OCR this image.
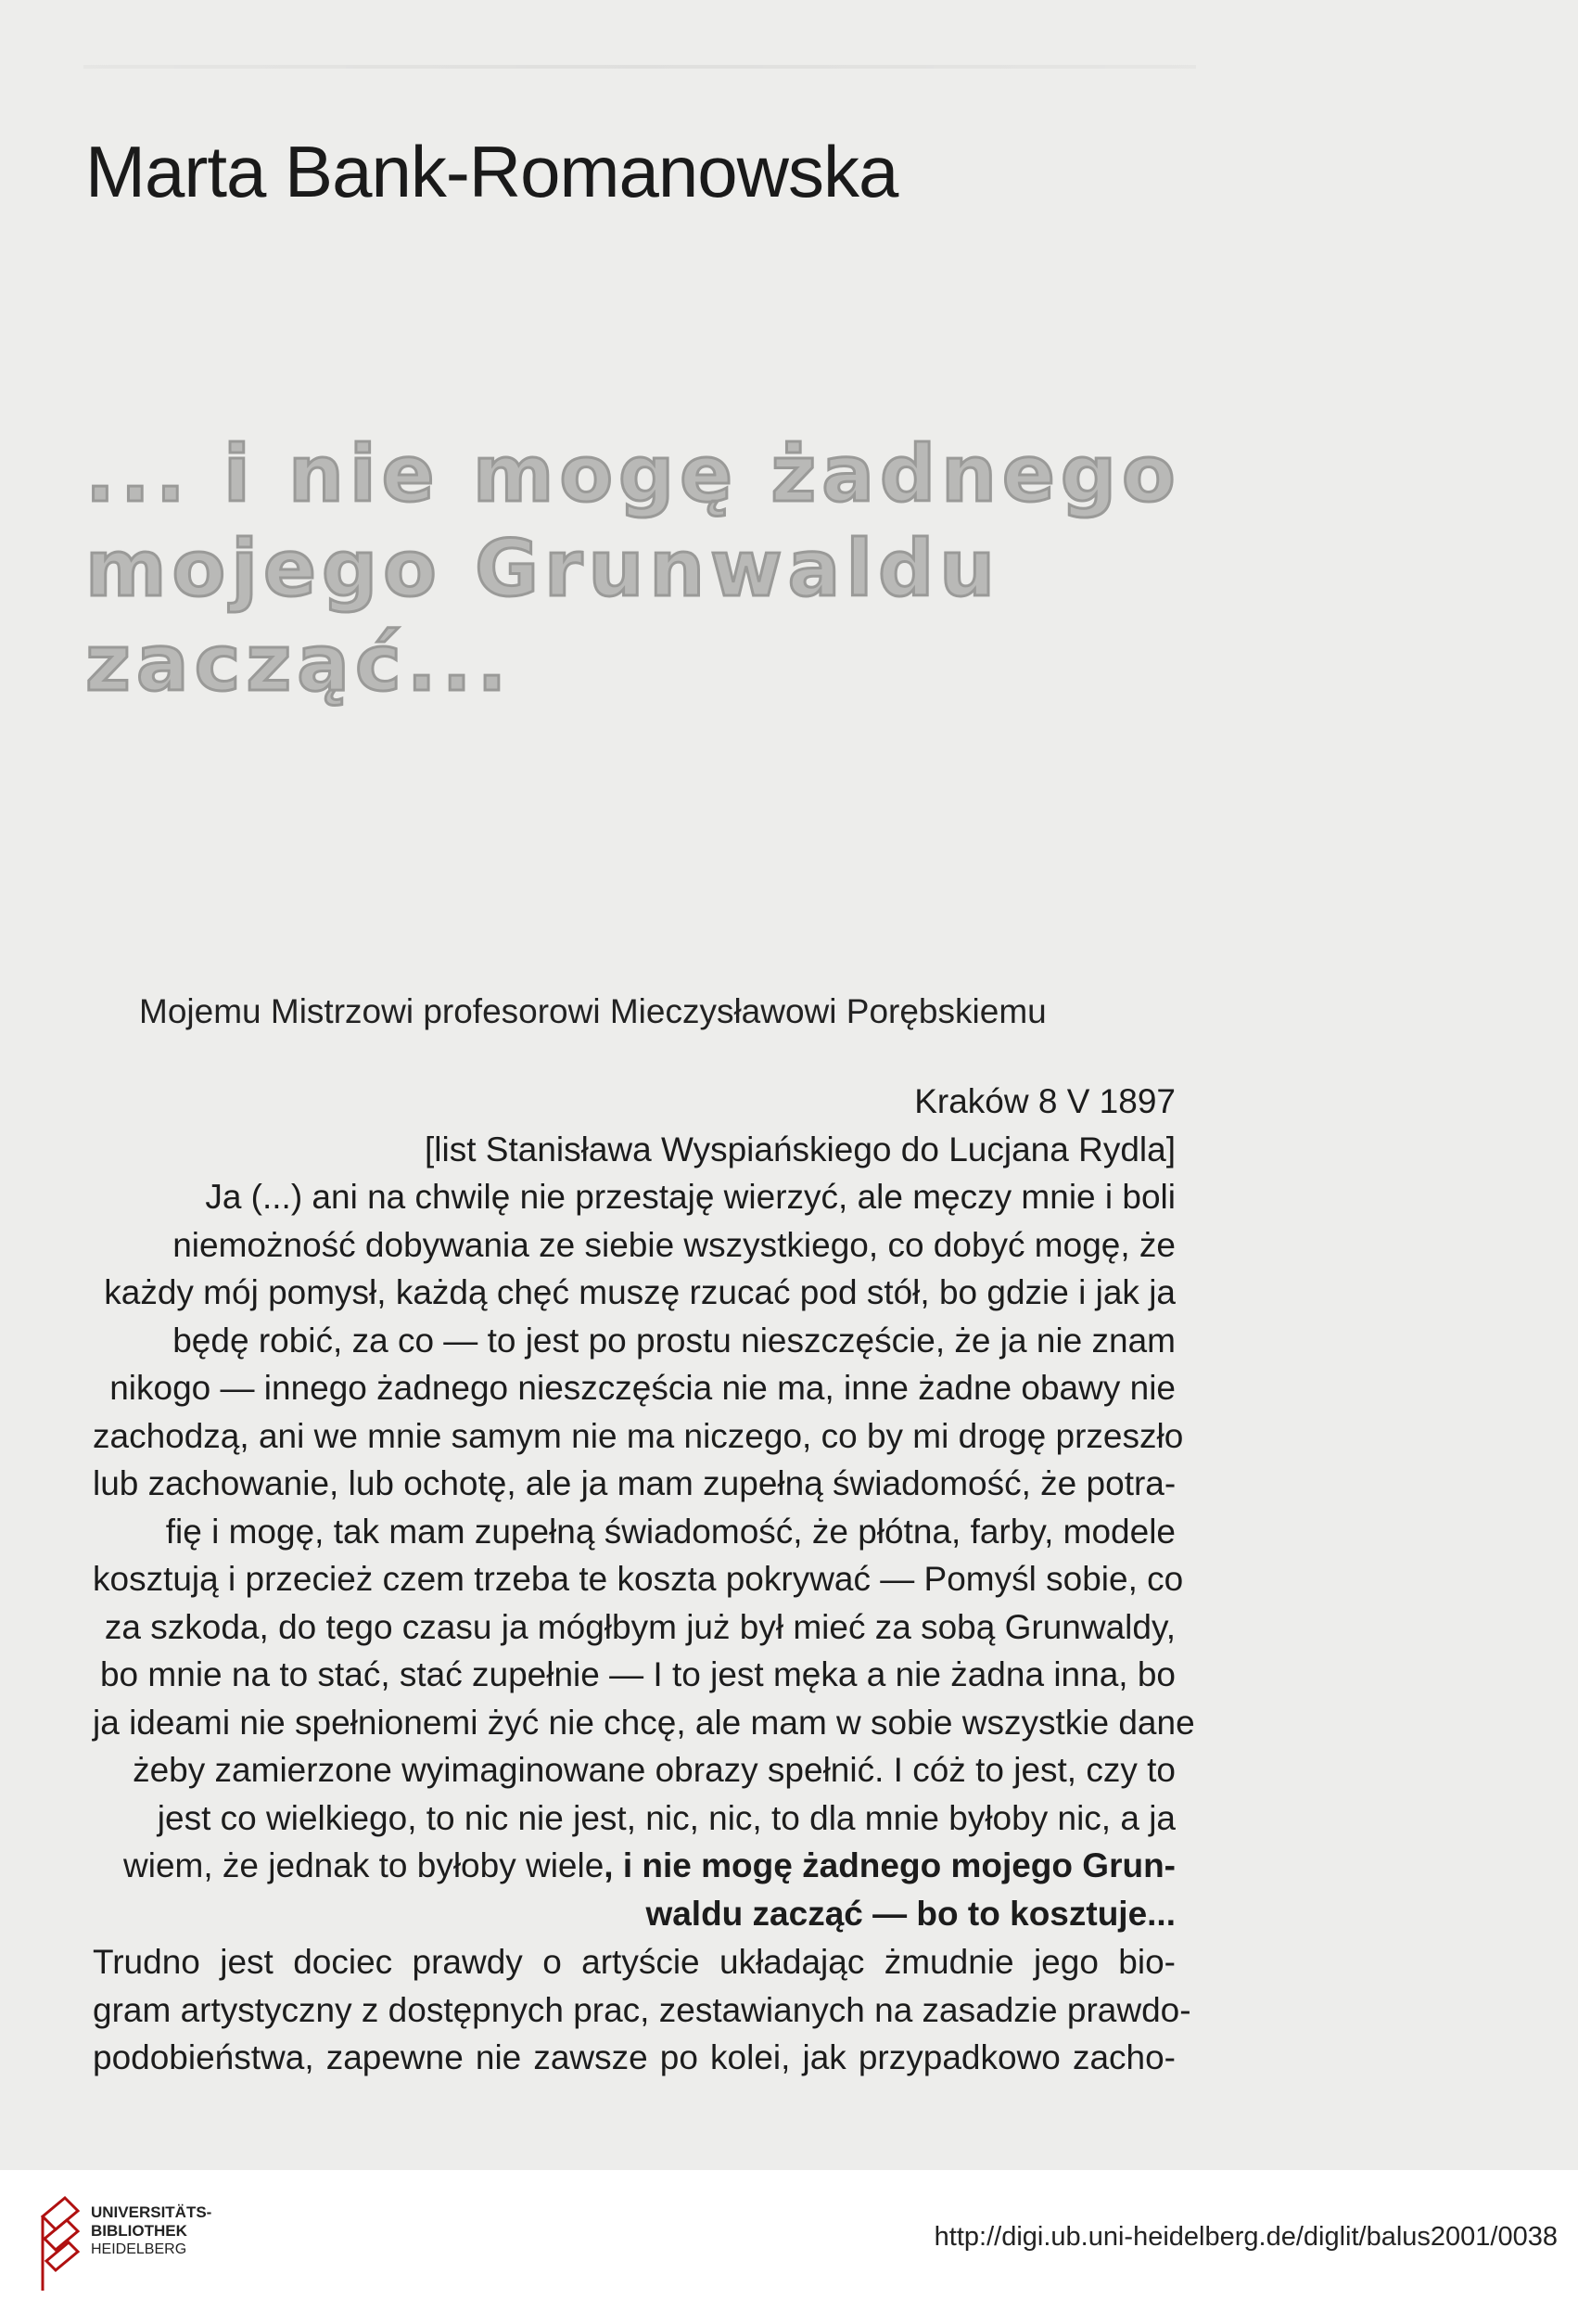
Marta Bank-Romanowska
... i nie mogę żadnego
mojego Grunwaldu
zacząć...
Mojemu Mistrzowi profesorowi Mieczysławowi Porębskiemu
Kraków 8 V 1897
[list Stanisława Wyspiańskiego do Lucjana Rydla]
Ja (...) ani na chwilę nie przestaję wierzyć, ale męczy mnie i boli
niemożność dobywania ze siebie wszystkiego, co dobyć mogę, że
każdy mój pomysł, każdą chęć muszę rzucać pod stół, bo gdzie i jak ja
będę robić, za co — to jest po prostu nieszczęście, że ja nie znam
nikogo — innego żadnego nieszczęścia nie ma, inne żadne obawy nie
zachodzą, ani we mnie samym nie ma niczego, co by mi drogę przeszło
lub zachowanie, lub ochotę, ale ja mam zupełną świadomość, że potra-
fię i mogę, tak mam zupełną świadomość, że płótna, farby, modele
kosztują i przecież czem trzeba te koszta pokrywać — Pomyśl sobie, co
za szkoda, do tego czasu ja mógłbym już był mieć za sobą Grunwaldy,
bo mnie na to stać, stać zupełnie — I to jest męka a nie żadna inna, bo
ja ideami nie spełnionemi żyć nie chcę, ale mam w sobie wszystkie dane
żeby zamierzone wyimaginowane obrazy spełnić. I cóż to jest, czy to
jest co wielkiego, to nic nie jest, nic, nic, to dla mnie byłoby nic, a ja
wiem, że jednak to byłoby wiele, i nie mogę żadnego mojego Grun-
waldu zacząć — bo to kosztuje...
Trudno jest dociec prawdy o artyście układając żmudnie jego bio-
gram artystyczny z dostępnych prac, zestawianych na zasadzie prawdo-
podobieństwa, zapewne nie zawsze po kolei, jak przypadkowo zacho-
UNIVERSITÄTS-
BIBLIOTHEK
HEIDELBERG	http://digi.ub.uni-heidelberg.de/diglit/balus2001/0038
